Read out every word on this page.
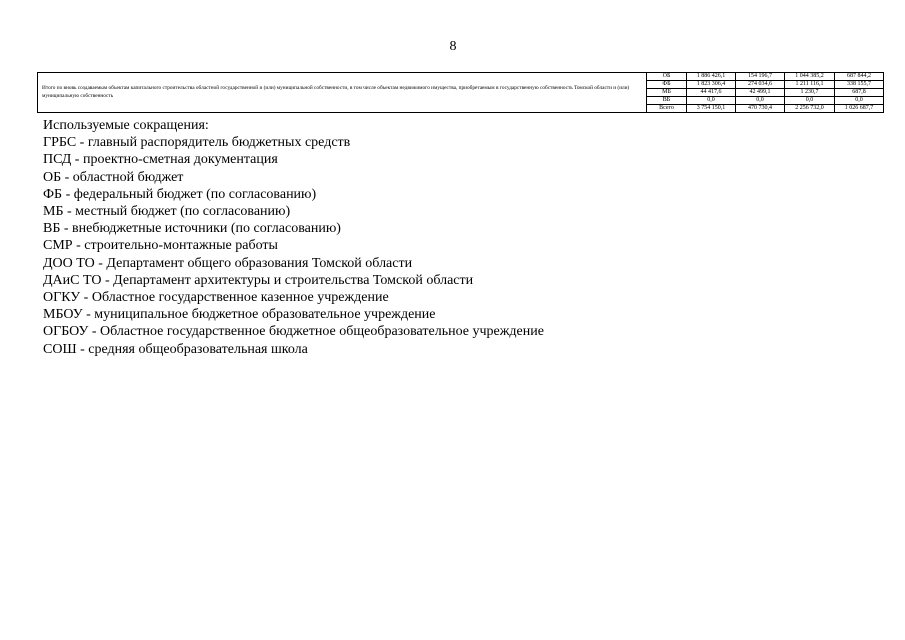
8
Итого по вновь создаваемым объектам капитального строительства областной государственной и (или) муниципальной собственности, в том числе объектам недвижимого имущества, приобретаемым в государственную собственность Томской области и (или) муниципальную собственность	ОБ	1 886 426,1	154 196,7	1 044 385,2	687 844,2
	ФБ	1 823 306,4	274 034,6	1 211 116,1	338 155,7
	МБ	44 417,6	42 499,1	1 230,7	687,8
	ВБ	0,0	0,0	0,0	0,0
	Всего	3 754 150,1	470 730,4	2 256 732,0	1 026 687,7
Используемые сокращения:
ГРБС - главный распорядитель бюджетных средств
ПСД - проектно-сметная документация
ОБ - областной бюджет
ФБ - федеральный бюджет (по согласованию)
МБ - местный бюджет (по согласованию)
ВБ - внебюджетные источники (по согласованию)
СМР - строительно-монтажные работы
ДОО ТО - Департамент общего образования Томской области
ДАиС ТО - Департамент архитектуры и строительства Томской области
ОГКУ - Областное государственное казенное учреждение
МБОУ - муниципальное бюджетное образовательное учреждение
ОГБОУ - Областное государственное бюджетное общеобразовательное учреждение
СОШ - средняя общеобразовательная школа
